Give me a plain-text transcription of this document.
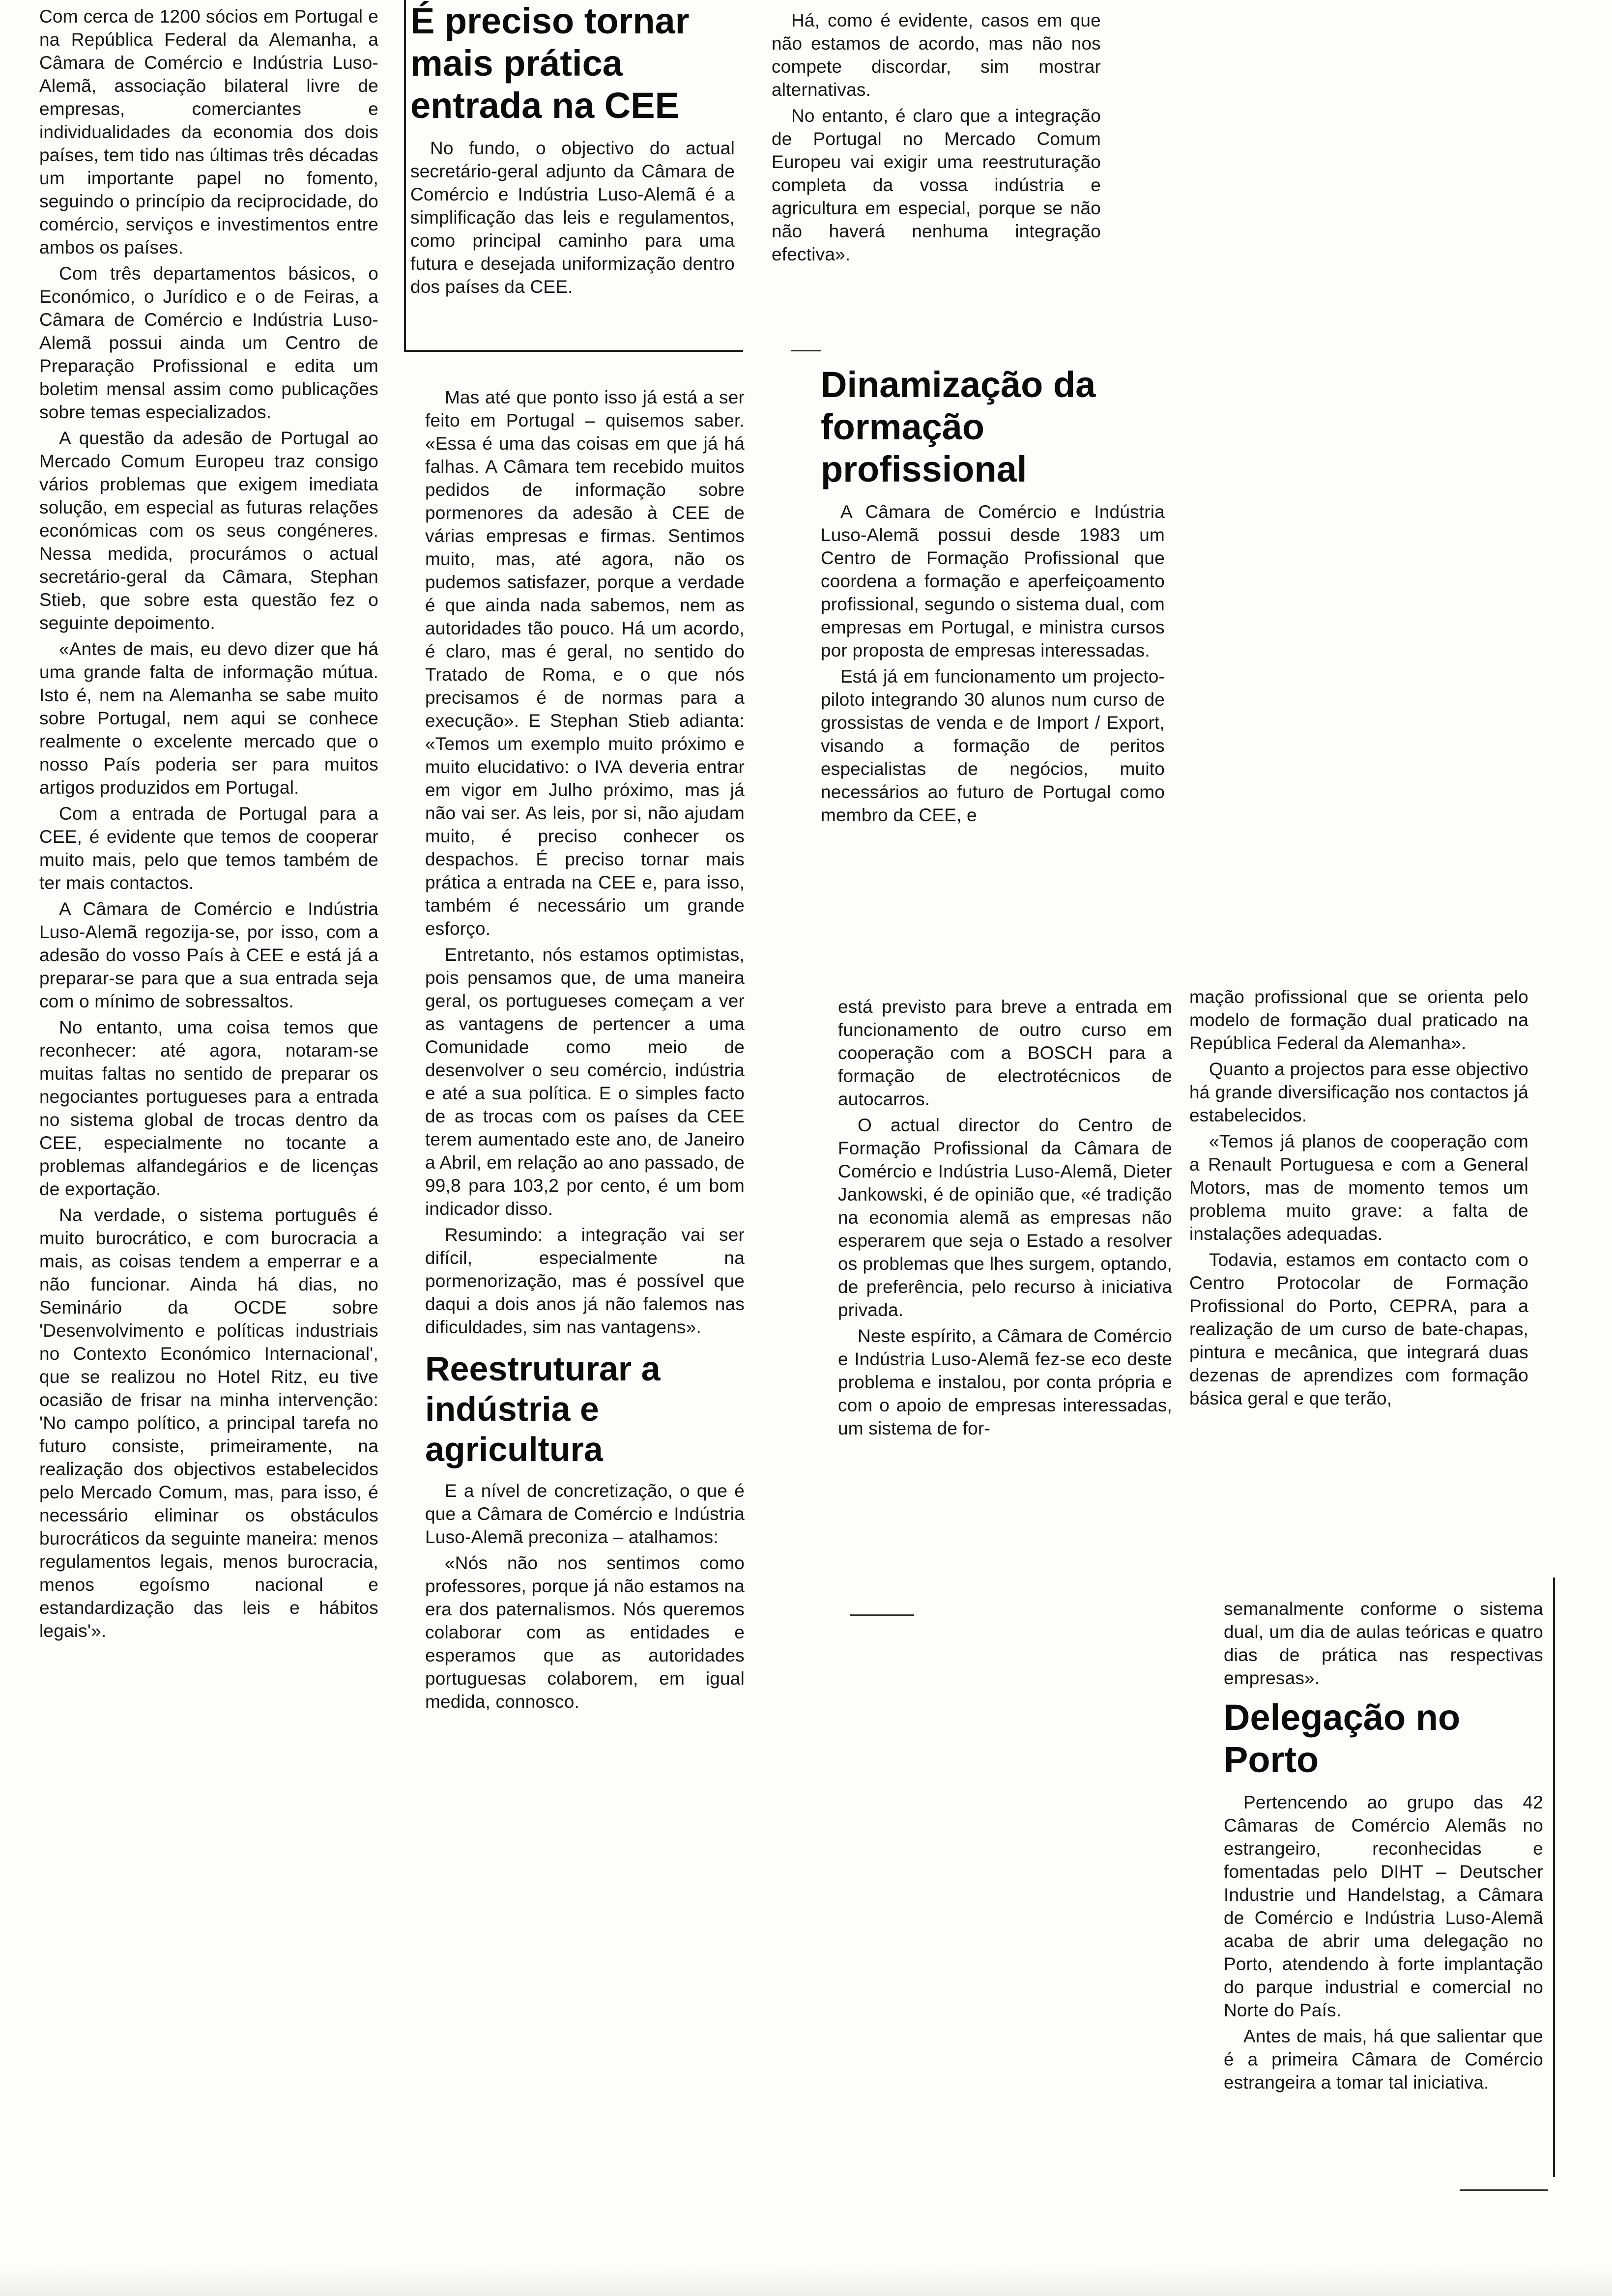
Com cerca de 1200 sócios em Portugal e na República Federal da Alemanha, a Câmara de Comércio e Indústria Luso-Alemã, associação bilateral livre de empresas, comerciantes e individualidades da economia dos dois países, tem tido nas últimas três décadas um importante papel no fomento, seguindo o princípio da reciprocidade, do comércio, serviços e investimentos entre ambos os países.

Com três departamentos básicos, o Económico, o Jurídico e o de Feiras, a Câmara de Comércio e Indústria Luso-Alemã possui ainda um Centro de Preparação Profissional e edita um boletim mensal assim como publicações sobre temas especializados.

A questão da adesão de Portugal ao Mercado Comum Europeu traz consigo vários problemas que exigem imediata solução, em especial as futuras relações económicas com os seus congéneres. Nessa medida, procurámos o actual secretário-geral da Câmara, Stephan Stieb, que sobre esta questão fez o seguinte depoimento.

«Antes de mais, eu devo dizer que há uma grande falta de informação mútua. Isto é, nem na Alemanha se sabe muito sobre Portugal, nem aqui se conhece realmente o excelente mercado que o nosso País poderia ser para muitos artigos produzidos em Portugal.

Com a entrada de Portugal para a CEE, é evidente que temos de cooperar muito mais, pelo que temos também de ter mais contactos.

A Câmara de Comércio e Indústria Luso-Alemã regozija-se, por isso, com a adesão do vosso País à CEE e está já a preparar-se para que a sua entrada seja com o mínimo de sobressaltos.

No entanto, uma coisa temos que reconhecer: até agora, notaram-se muitas faltas no sentido de preparar os negociantes portugueses para a entrada no sistema global de trocas dentro da CEE, especialmente no tocante a problemas alfandegários e de licenças de exportação.

Na verdade, o sistema português é muito burocrático, e com burocracia a mais, as coisas tendem a emperrar e a não funcionar. Ainda há dias, no Seminário da OCDE sobre 'Desenvolvimento e políticas industriais no Contexto Económico Internacional', que se realizou no Hotel Ritz, eu tive ocasião de frisar na minha intervenção: 'No campo político, a principal tarefa no futuro consiste, primeiramente, na realização dos objectivos estabelecidos pelo Mercado Comum, mas, para isso, é necessário eliminar os obstáculos burocráticos da seguinte maneira: menos regulamentos legais, menos burocracia, menos egoísmo nacional e estandardização das leis e hábitos legais'».

É preciso tornar mais prática entrada na CEE

No fundo, o objectivo do actual secretário-geral adjunto da Câmara de Comércio e Indústria Luso-Alemã é a simplificação das leis e regulamentos, como principal caminho para uma futura e desejada uniformização dentro dos países da CEE.

Mas até que ponto isso já está a ser feito em Portugal – quisemos saber. «Essa é uma das coisas em que já há falhas. A Câmara tem recebido muitos pedidos de informação sobre pormenores da adesão à CEE de várias empresas e firmas. Sentimos muito, mas, até agora, não os pudemos satisfazer, porque a verdade é que ainda nada sabemos, nem as autoridades tão pouco. Há um acordo, é claro, mas é geral, no sentido do Tratado de Roma, e o que nós precisamos é de normas para a execução». E Stephan Stieb adianta: «Temos um exemplo muito próximo e muito elucidativo: o IVA deveria entrar em vigor em Julho próximo, mas já não vai ser. As leis, por si, não ajudam muito, é preciso conhecer os despachos. É preciso tornar mais prática a entrada na CEE e, para isso, também é necessário um grande esforço.

Entretanto, nós estamos optimistas, pois pensamos que, de uma maneira geral, os portugueses começam a ver as vantagens de pertencer a uma Comunidade como meio de desenvolver o seu comércio, indústria e até a sua política. E o simples facto de as trocas com os países da CEE terem aumentado este ano, de Janeiro a Abril, em relação ao ano passado, de 99,8 para 103,2 por cento, é um bom indicador disso.

Resumindo: a integração vai ser difícil, especialmente na pormenorização, mas é possível que daqui a dois anos já não falemos nas dificuldades, sim nas vantagens».

Reestruturar a indústria e agricultura

E a nível de concretização, o que é que a Câmara de Comércio e Indústria Luso-Alemã preconiza – atalhamos:

«Nós não nos sentimos como professores, porque já não estamos na era dos paternalismos. Nós queremos colaborar com as entidades e esperamos que as autoridades portuguesas colaborem, em igual medida, connosco.

Há, como é evidente, casos em que não estamos de acordo, mas não nos compete discordar, sim mostrar alternativas.

No entanto, é claro que a integração de Portugal no Mercado Comum Europeu vai exigir uma reestruturação completa da vossa indústria e agricultura em especial, porque se não não haverá nenhuma integração efectiva».

Dinamização da formação profissional

A Câmara de Comércio e Indústria Luso-Alemã possui desde 1983 um Centro de Formação Profissional que coordena a formação e aperfeiçoamento profissional, segundo o sistema dual, com empresas em Portugal, e ministra cursos por proposta de empresas interessadas.

Está já em funcionamento um projecto-piloto integrando 30 alunos num curso de grossistas de venda e de Import / Export, visando a formação de peritos especialistas de negócios, muito necessários ao futuro de Portugal como membro da CEE, e

está previsto para breve a entrada em funcionamento de outro curso em cooperação com a BOSCH para a formação de electrotécnicos de autocarros.

O actual director do Centro de Formação Profissional da Câmara de Comércio e Indústria Luso-Alemã, Dieter Jankowski, é de opinião que, «é tradição na economia alemã as empresas não esperarem que seja o Estado a resolver os problemas que lhes surgem, optando, de preferência, pelo recurso à iniciativa privada.

Neste espírito, a Câmara de Comércio e Indústria Luso-Alemã fez-se eco deste problema e instalou, por conta própria e com o apoio de empresas interessadas, um sistema de for-

mação profissional que se orienta pelo modelo de formação dual praticado na República Federal da Alemanha».

Quanto a projectos para esse objectivo há grande diversificação nos contactos já estabelecidos.

«Temos já planos de cooperação com a Renault Portuguesa e com a General Motors, mas de momento temos um problema muito grave: a falta de instalações adequadas.

Todavia, estamos em contacto com o Centro Protocolar de Formação Profissional do Porto, CEPRA, para a realização de um curso de bate-chapas, pintura e mecânica, que integrará duas dezenas de aprendizes com formação básica geral e que terão,

semanalmente conforme o sistema dual, um dia de aulas teóricas e quatro dias de prática nas respectivas empresas».

Delegação no Porto

Pertencendo ao grupo das 42 Câmaras de Comércio Alemãs no estrangeiro, reconhecidas e fomentadas pelo DIHT – Deutscher Industrie und Handelstag, a Câmara de Comércio e Indústria Luso-Alemã acaba de abrir uma delegação no Porto, atendendo à forte implantação do parque industrial e comercial no Norte do País.

Antes de mais, há que salientar que é a primeira Câmara de Comércio estrangeira a tomar tal iniciativa.
